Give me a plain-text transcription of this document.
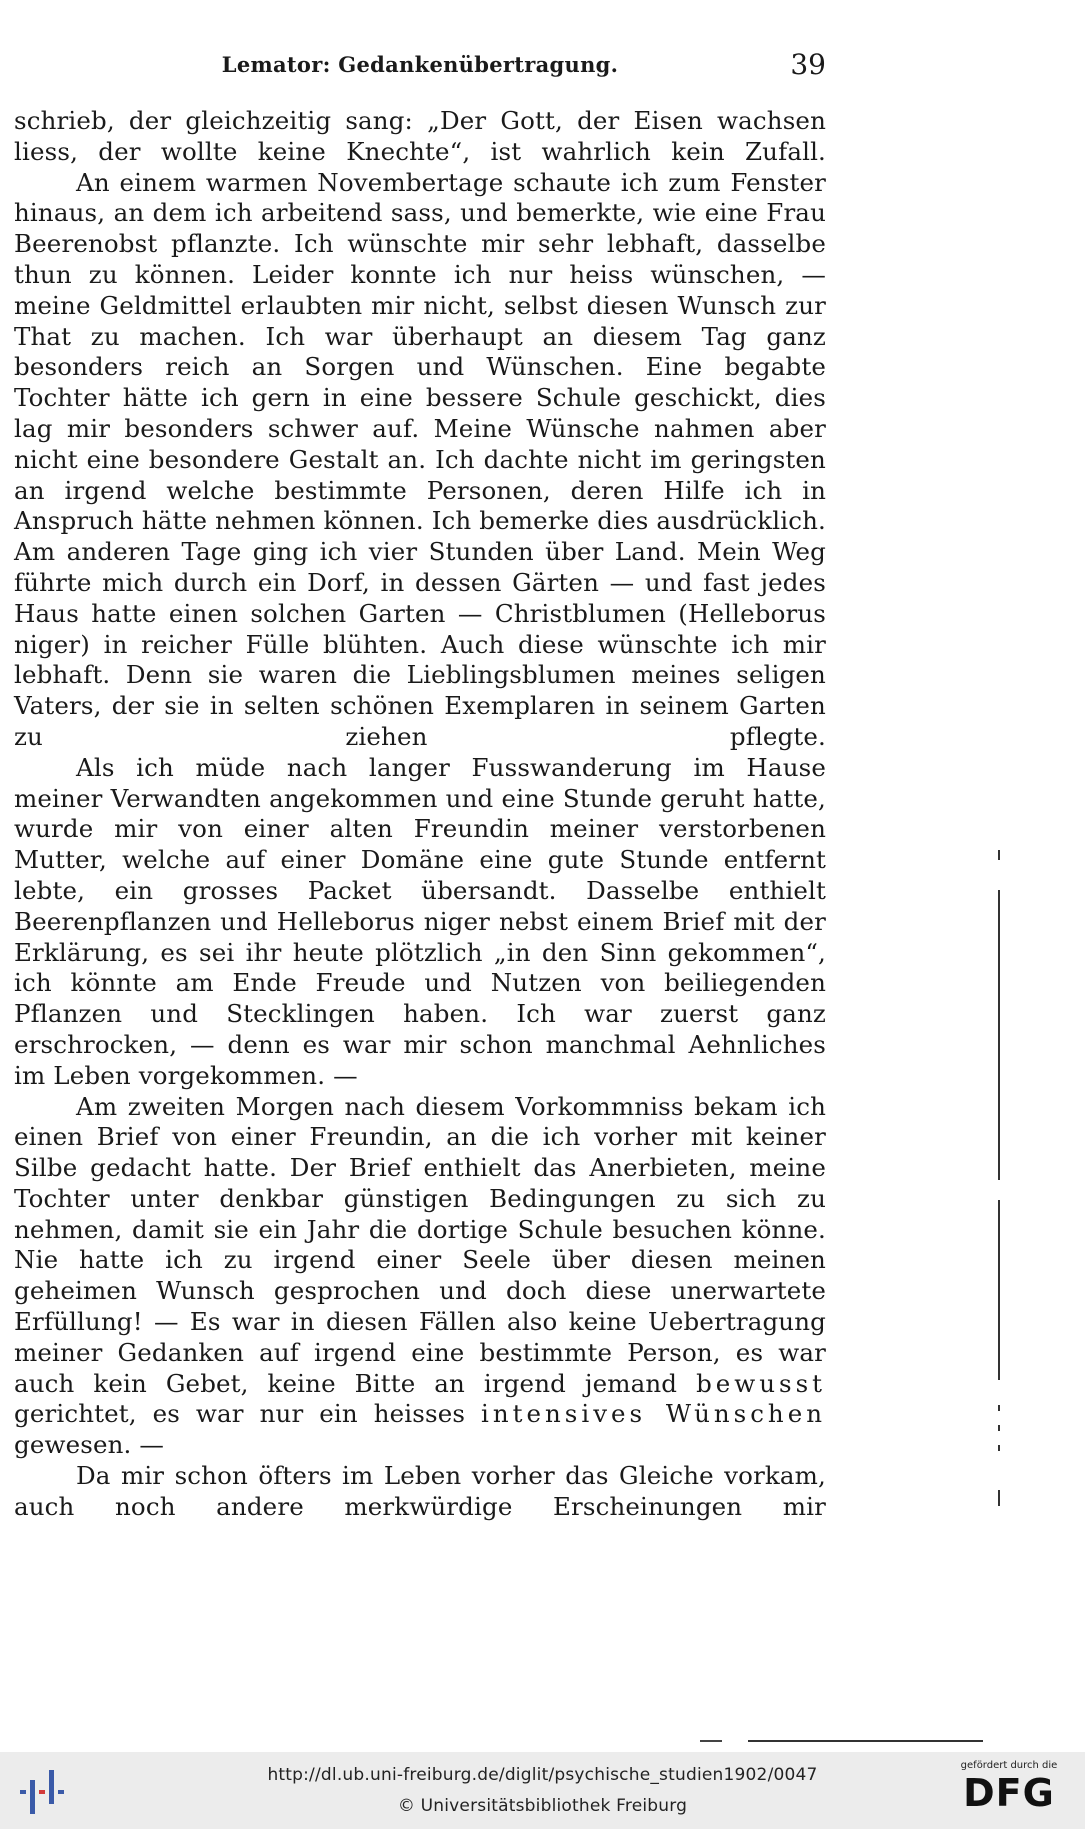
Lemator: Gedankenübertragung.	39

schrieb, der gleichzeitig sang: „Der Gott, der Eisen wachsen liess, der wollte keine Knechte“, ist wahrlich kein Zufall.

An einem warmen Novembertage schaute ich zum Fenster hinaus, an dem ich arbeitend sass, und bemerkte, wie eine Frau Beerenobst pflanzte. Ich wünschte mir sehr lebhaft, dasselbe thun zu können. Leider konnte ich nur heiss wünschen, — meine Geldmittel erlaubten mir nicht, selbst diesen Wunsch zur That zu machen. Ich war überhaupt an diesem Tag ganz besonders reich an Sorgen und Wünschen. Eine begabte Tochter hätte ich gern in eine bessere Schule geschickt, dies lag mir besonders schwer auf. Meine Wünsche nahmen aber nicht eine besondere Gestalt an. Ich dachte nicht im geringsten an irgend welche bestimmte Personen, deren Hilfe ich in Anspruch hätte nehmen können. Ich bemerke dies ausdrücklich. Am anderen Tage ging ich vier Stunden über Land. Mein Weg führte mich durch ein Dorf, in dessen Gärten — und fast jedes Haus hatte einen solchen Garten — Christblumen (Helleborus niger) in reicher Fülle blühten. Auch diese wünschte ich mir lebhaft. Denn sie waren die Lieblingsblumen meines seligen Vaters, der sie in selten schönen Exemplaren in seinem Garten zu ziehen pflegte.

Als ich müde nach langer Fusswanderung im Hause meiner Verwandten angekommen und eine Stunde geruht hatte, wurde mir von einer alten Freundin meiner verstorbenen Mutter, welche auf einer Domäne eine gute Stunde entfernt lebte, ein grosses Packet übersandt. Dasselbe enthielt Beerenpflanzen und Helleborus niger nebst einem Brief mit der Erklärung, es sei ihr heute plötzlich „in den Sinn gekommen“, ich könnte am Ende Freude und Nutzen von beiliegenden Pflanzen und Stecklingen haben. Ich war zuerst ganz erschrocken, — denn es war mir schon manchmal Aehnliches im Leben vorgekommen. —

Am zweiten Morgen nach diesem Vorkommniss bekam ich einen Brief von einer Freundin, an die ich vorher mit keiner Silbe gedacht hatte. Der Brief enthielt das Anerbieten, meine Tochter unter denkbar günstigen Bedingungen zu sich zu nehmen, damit sie ein Jahr die dortige Schule besuchen könne. Nie hatte ich zu irgend einer Seele über diesen meinen geheimen Wunsch gesprochen und doch diese unerwartete Erfüllung! — Es war in diesen Fällen also keine Uebertragung meiner Gedanken auf irgend eine bestimmte Person, es war auch kein Gebet, keine Bitte an irgend jemand bewusst gerichtet, es war nur ein heisses intensives Wünschen gewesen. —

Da mir schon öfters im Leben vorher das Gleiche vorkam, auch noch andere merkwürdige Erscheinungen mir

http://dl.ub.uni-freiburg.de/diglit/psychische_studien1902/0047
© Universitätsbibliothek Freiburg
gefördert durch die
DFG
